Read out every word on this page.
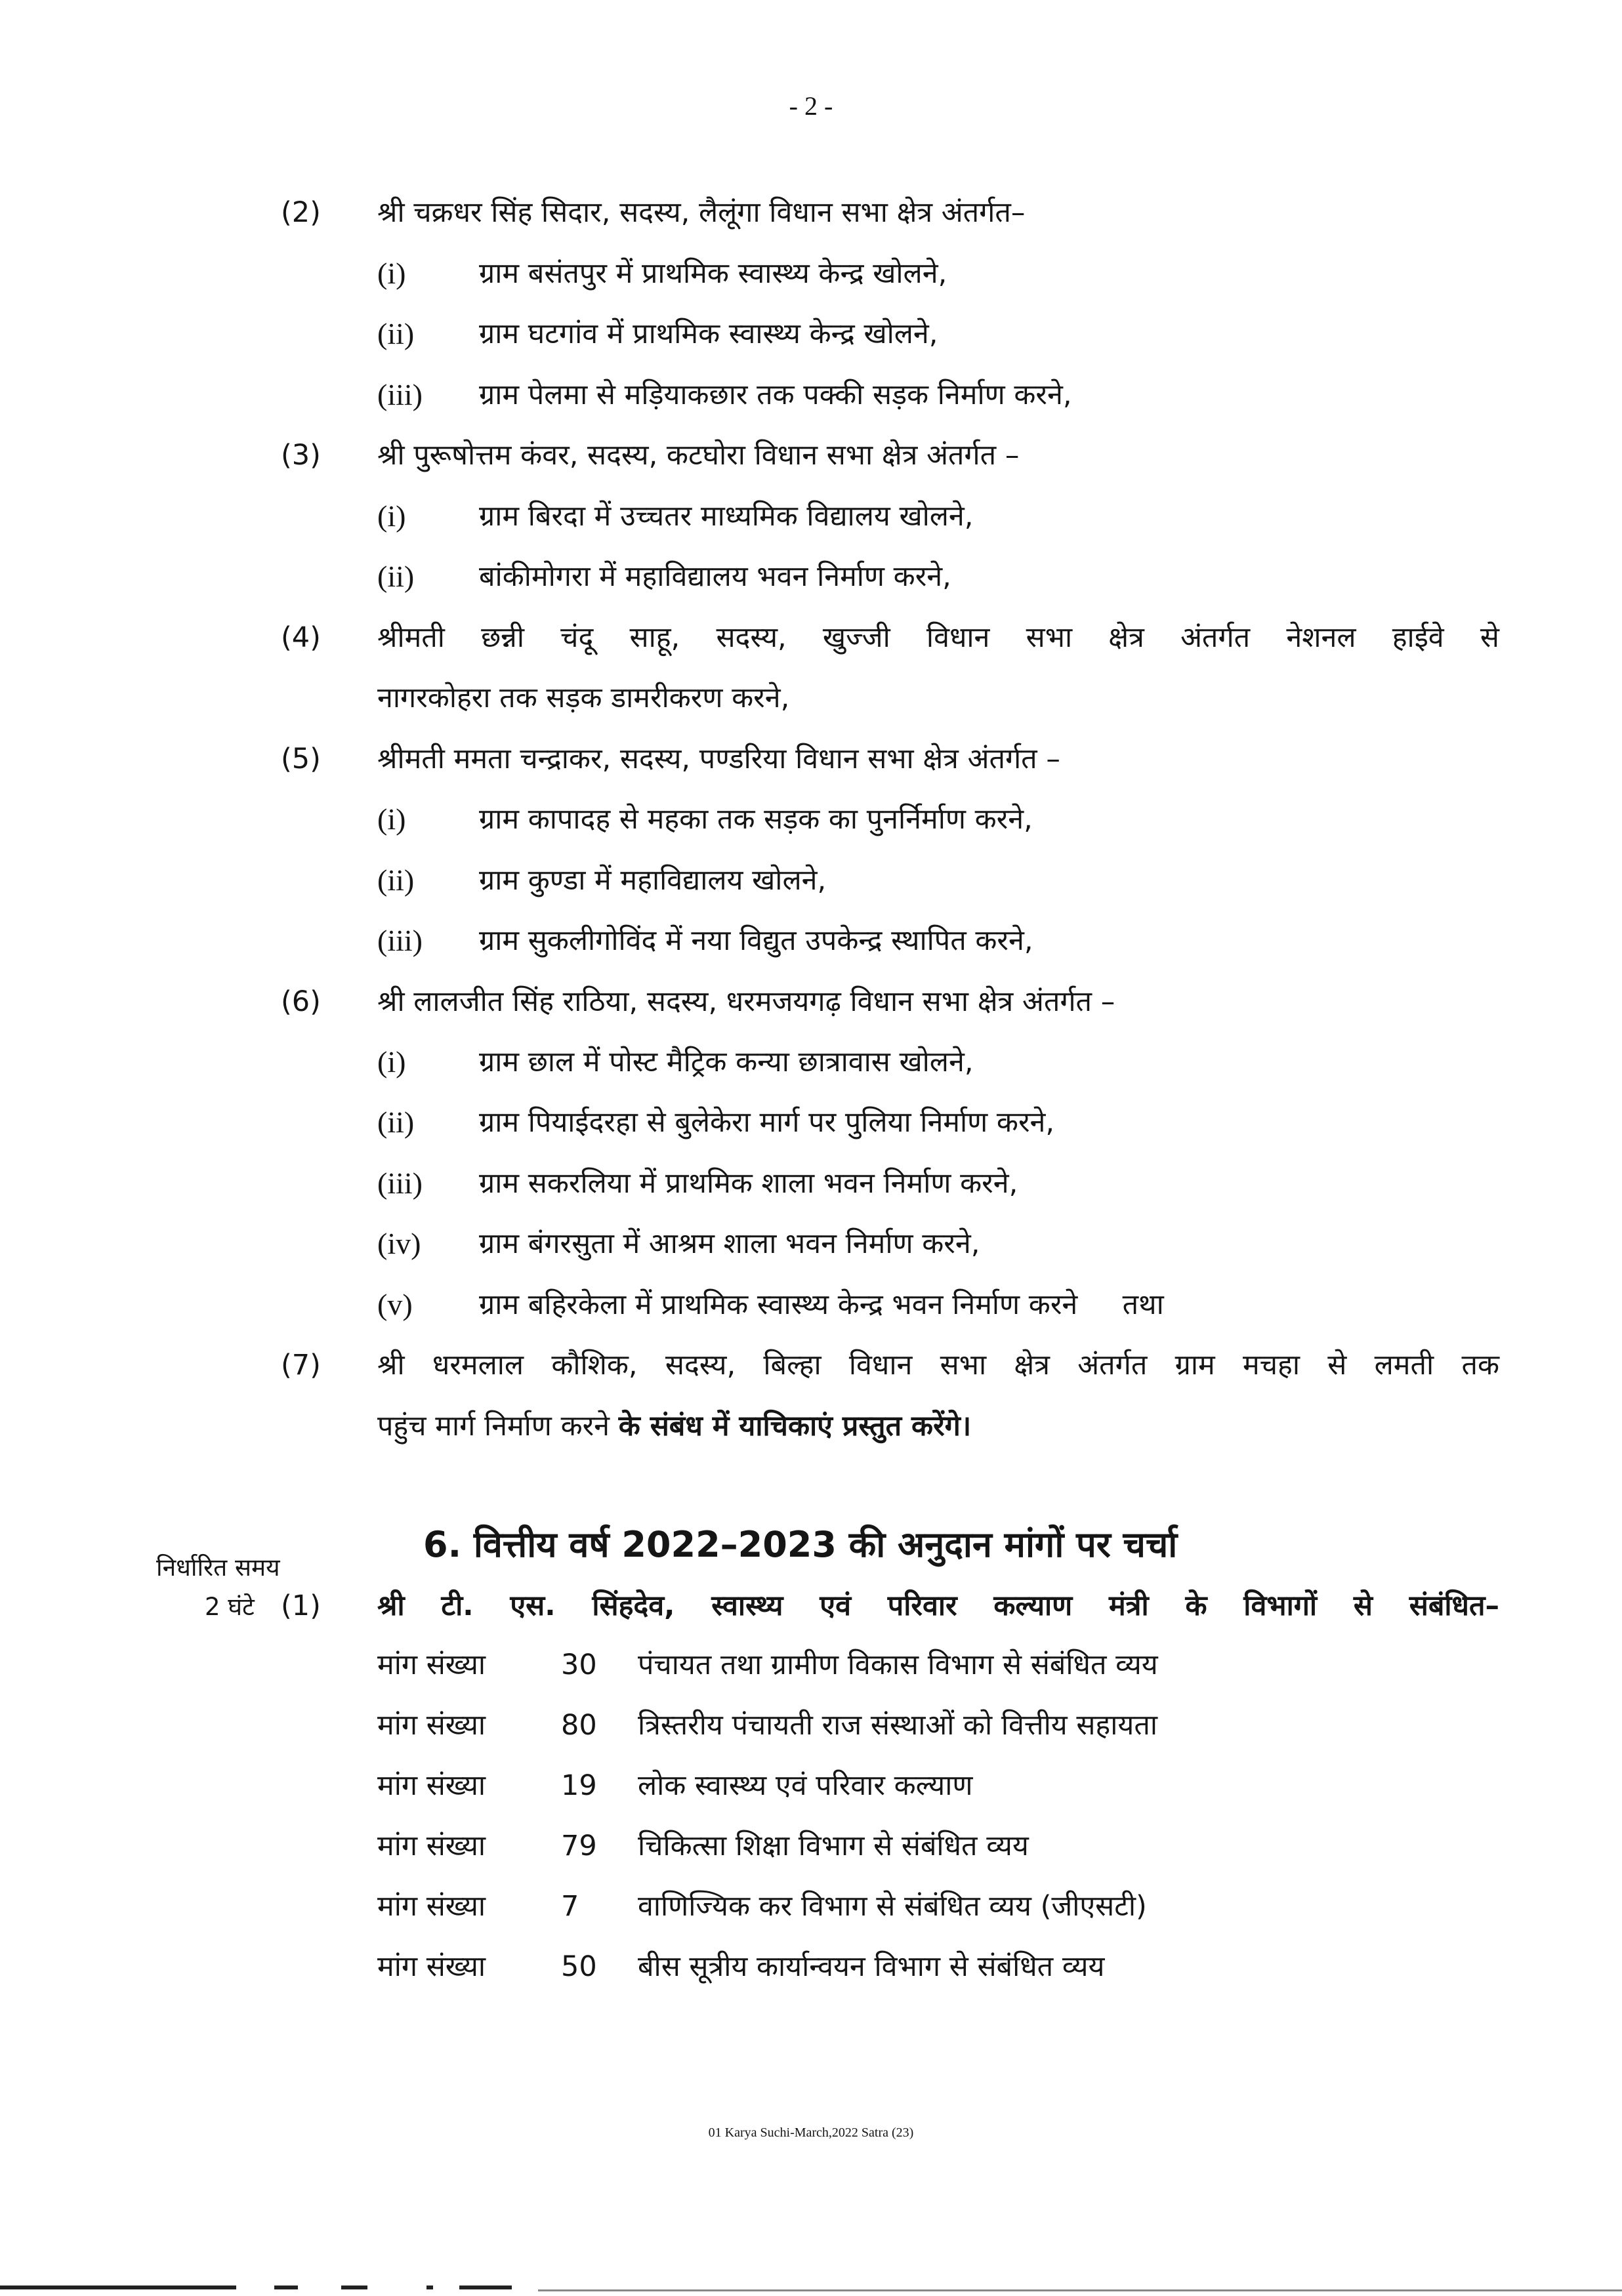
- 2 -
(2) श्री चक्रधर सिंह सिदार, सदस्य, लैलूंगा विधान सभा क्षेत्र अंतर्गत–
(i)	ग्राम बसंतपुर में प्राथमिक स्वास्थ्य केन्द्र खोलने,
(ii) ग्राम घटगांव में प्राथमिक स्वास्थ्य केन्द्र खोलने,
(iii) ग्राम पेलमा से मड़ियाकछार तक पक्की सड़क निर्माण करने,
(3) श्री पुरूषोत्तम कंवर, सदस्य, कटघोरा विधान सभा क्षेत्र अंतर्गत –
(i)	ग्राम बिरदा में उच्चतर माध्यमिक विद्यालय खोलने,
(ii) बांकीमोगरा में महाविद्यालय भवन निर्माण करने,
(4) श्रीमती छन्नी चंदू साहू, सदस्य, खुज्जी विधान सभा क्षेत्र अंतर्गत नेशनल हाईवे से
नागरकोहरा तक सड़क डामरीकरण करने,
(5) श्रीमती ममता चन्द्राकर, सदस्य, पण्डरिया विधान सभा क्षेत्र अंतर्गत –
(i)	ग्राम कापादह से महका तक सड़क का पुनर्निर्माण करने,
(ii) ग्राम कुण्डा में महाविद्यालय खोलने,
(iii) ग्राम सुकलीगोविंद में नया विद्युत उपकेन्द्र स्थापित करने,
(6) श्री लालजीत सिंह राठिया, सदस्य, धरमजयगढ़ विधान सभा क्षेत्र अंतर्गत –
(i)	ग्राम छाल में पोस्ट मैट्रिक कन्या छात्रावास खोलने,
(ii) ग्राम पियाईदरहा से बुलेकेरा मार्ग पर पुलिया निर्माण करने,
(iii) ग्राम सकरलिया में प्राथमिक शाला भवन निर्माण करने,
(iv) ग्राम बंगरसुता में आश्रम शाला भवन निर्माण करने,
(v) ग्राम बहिरकेला में प्राथमिक स्वास्थ्य केन्द्र भवन निर्माण करने     तथा
(7) श्री धरमलाल कौशिक, सदस्य, बिल्हा विधान सभा क्षेत्र अंतर्गत ग्राम मचहा से लमती तक
पहुंच मार्ग निर्माण करने के संबंध में याचिकाएं प्रस्तुत करेंगे।
6. वित्तीय वर्ष 2022–2023 की अनुदान मांगों पर चर्चा
निर्धारित समय
2 घंटे (1) श्री टी. एस. सिंहदेव, स्वास्थ्य एवं परिवार कल्याण मंत्री के विभागों से संबंधित–
मांग संख्या	30 पंचायत तथा ग्रामीण विकास विभाग से संबंधित व्यय
मांग संख्या	80 त्रिस्तरीय पंचायती राज संस्थाओं को वित्तीय सहायता
मांग संख्या	19 लोक स्वास्थ्य एवं परिवार कल्याण
मांग संख्या	79 चिकित्सा शिक्षा विभाग से संबंधित व्यय
मांग संख्या	7 वाणिज्यिक कर विभाग से संबंधित व्यय (जीएसटी)
मांग संख्या	50 बीस सूत्रीय कार्यान्वयन विभाग से संबंधित व्यय
01 Karya Suchi-March,2022 Satra (23)
